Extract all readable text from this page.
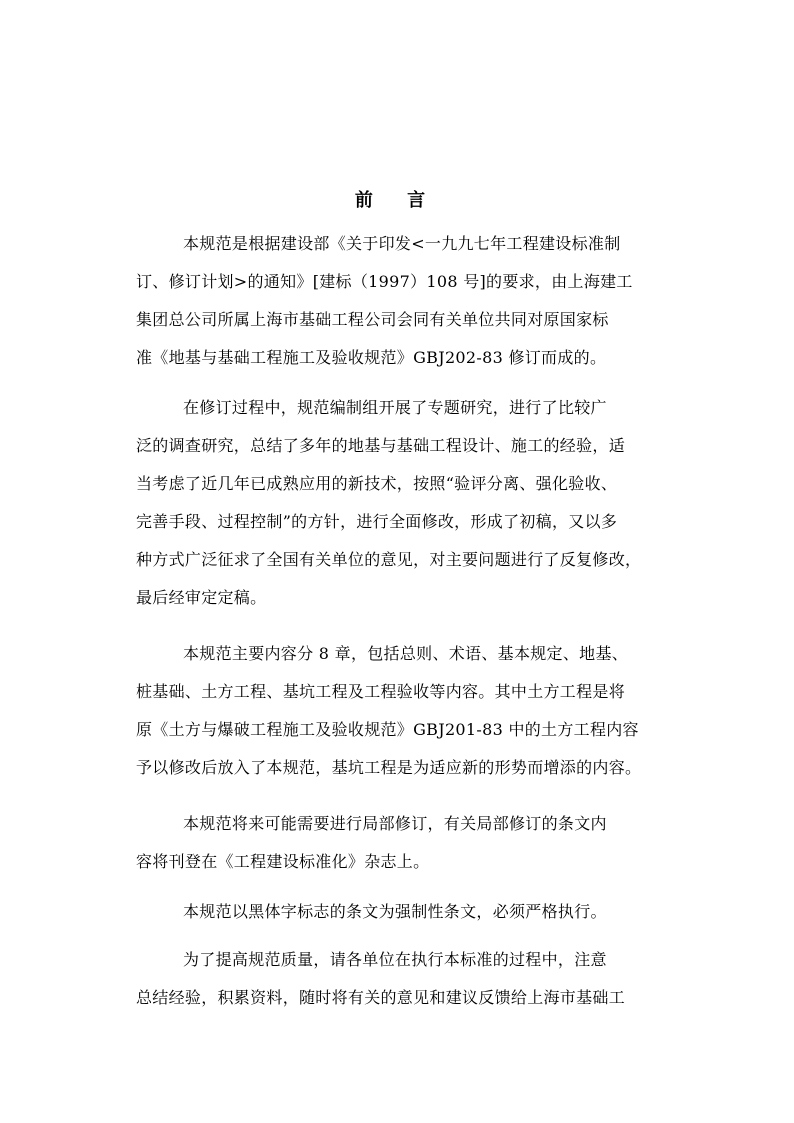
前 言
本规范是根据建设部《关于印发<一九九七年工程建设标准制
订、修订计划>的通知》[建标（1997）108 号]的要求，由上海建工
集团总公司所属上海市基础工程公司会同有关单位共同对原国家标
准《地基与基础工程施工及验收规范》GBJ202-83 修订而成的。
在修订过程中，规范编制组开展了专题研究，进行了比较广
泛的调查研究，总结了多年的地基与基础工程设计、施工的经验，适
当考虑了近几年已成熟应用的新技术，按照“验评分离、强化验收、
完善手段、过程控制”的方针，进行全面修改，形成了初稿，又以多
种方式广泛征求了全国有关单位的意见，对主要问题进行了反复修改，
最后经审定定稿。
本规范主要内容分 8 章，包括总则、术语、基本规定、地基、
桩基础、土方工程、基坑工程及工程验收等内容。其中土方工程是将
原《土方与爆破工程施工及验收规范》GBJ201-83 中的土方工程内容
予以修改后放入了本规范，基坑工程是为适应新的形势而增添的内容。
本规范将来可能需要进行局部修订，有关局部修订的条文内
容将刊登在《工程建设标准化》杂志上。
本规范以黑体字标志的条文为强制性条文，必须严格执行。
为了提高规范质量，请各单位在执行本标准的过程中，注意
总结经验，积累资料，随时将有关的意见和建议反馈给上海市基础工
